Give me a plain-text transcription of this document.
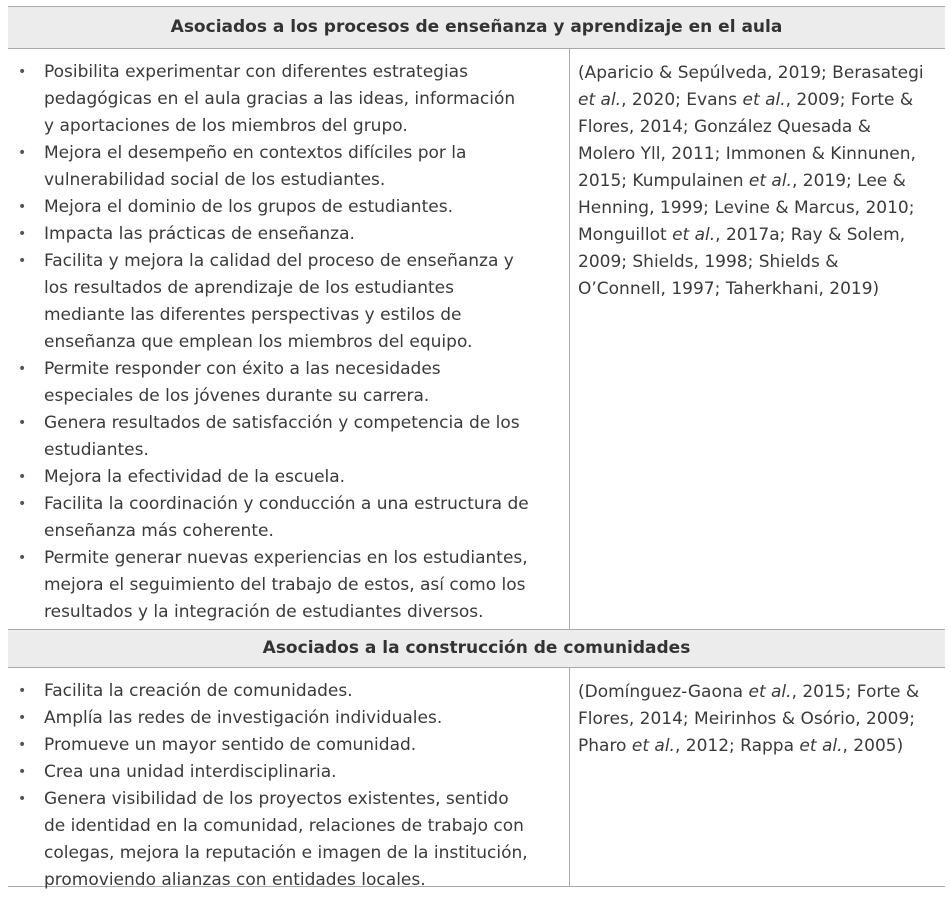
Asociados a los procesos de enseñanza y aprendizaje en el aula
• Posibilita experimentar con diferentes estrategias pedagógicas en el aula gracias a las ideas, información y aportaciones de los miembros del grupo.
• Mejora el desempeño en contextos difíciles por la vulnerabilidad social de los estudiantes.
• Mejora el dominio de los grupos de estudiantes.
• Impacta las prácticas de enseñanza.
• Facilita y mejora la calidad del proceso de enseñanza y los resultados de aprendizaje de los estudiantes mediante las diferentes perspectivas y estilos de enseñanza que emplean los miembros del equipo.
• Permite responder con éxito a las necesidades especiales de los jóvenes durante su carrera.
• Genera resultados de satisfacción y competencia de los estudiantes.
• Mejora la efectividad de la escuela.
• Facilita la coordinación y conducción a una estructura de enseñanza más coherente.
• Permite generar nuevas experiencias en los estudiantes, mejora el seguimiento del trabajo de estos, así como los resultados y la integración de estudiantes diversos.
(Aparicio & Sepúlveda, 2019; Berasategi et al., 2020; Evans et al., 2009; Forte & Flores, 2014; González Quesada & Molero Yll, 2011; Immonen & Kinnunen, 2015; Kumpulainen et al., 2019; Lee & Henning, 1999; Levine & Marcus, 2010; Monguillot et al., 2017a; Ray & Solem, 2009; Shields, 1998; Shields & O’Connell, 1997; Taherkhani, 2019)
Asociados a la construcción de comunidades
• Facilita la creación de comunidades.
• Amplía las redes de investigación individuales.
• Promueve un mayor sentido de comunidad.
• Crea una unidad interdisciplinaria.
• Genera visibilidad de los proyectos existentes, sentido de identidad en la comunidad, relaciones de trabajo con colegas, mejora la reputación e imagen de la institución, promoviendo alianzas con entidades locales.
(Domínguez-Gaona et al., 2015; Forte & Flores, 2014; Meirinhos & Osório, 2009; Pharo et al., 2012; Rappa et al., 2005)
